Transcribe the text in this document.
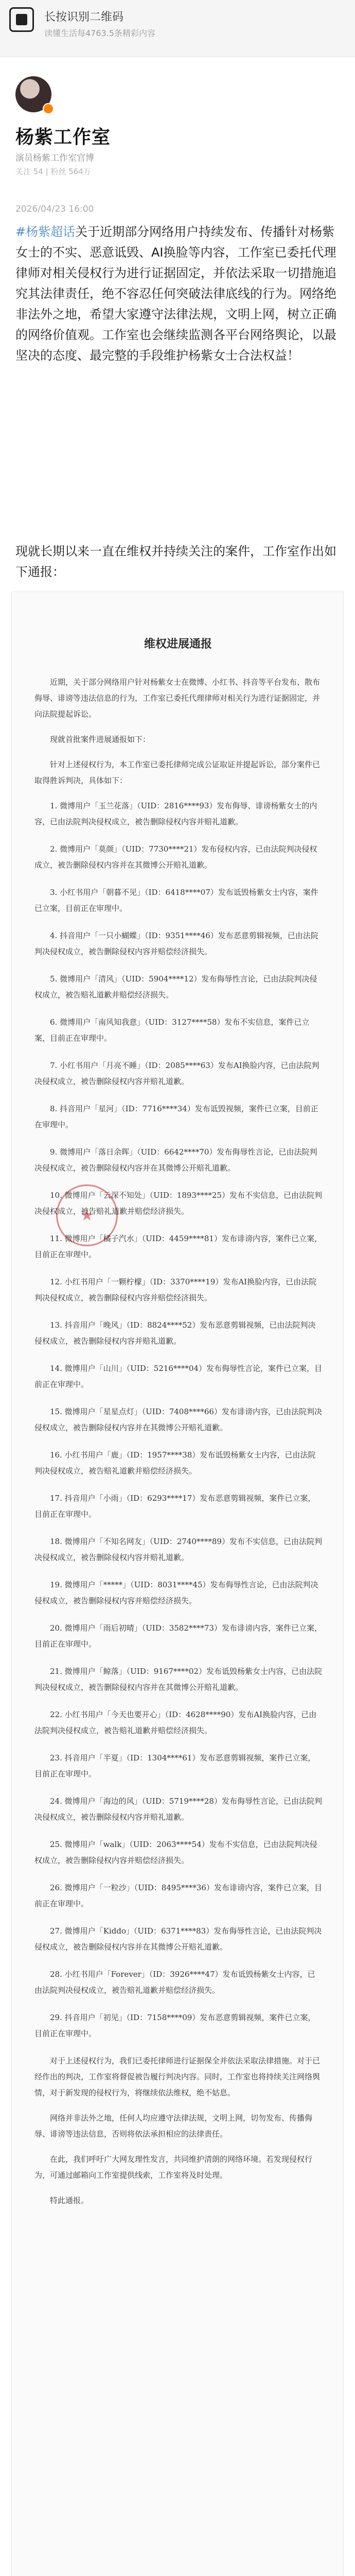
长按识别二维码
读懂生活每4763.5条精彩内容
杨紫工作室
演员杨紫工作室官博
关注 54 | 粉丝 564万
2026/04/23 16:00

#杨紫超话关于近期部分网络用户持续发布、传播针对杨紫女士的不实、恶意诋毁、AI换脸等内容，工作室已委托代理律师对相关侵权行为进行证据固定，并依法采取一切措施追究其法律责任，绝不容忍任何突破法律底线的行为。网络绝非法外之地，希望大家遵守法律法规，文明上网，树立正确的网络价值观。工作室也会继续监测各平台网络舆论，以最坚决的态度、最完整的手段维护杨紫女士合法权益！

现就长期以来一直在维权并持续关注的案件，工作室作出如下通报：

维权进展通报

近期，关于部分网络用户针对杨紫女士在微博、小红书、抖音等平台发布、散布侮辱、诽谤等违法信息的行为，工作室已委托代理律师对相关行为进行证据固定，并向法院提起诉讼。

现就首批案件进展通报如下：

针对上述侵权行为，本工作室已委托律师完成公证取证并提起诉讼，部分案件已取得胜诉判决，具体如下：

1. 微博用户「玉兰花落」（UID：2816****93）发布侮辱、诽谤杨紫女士的内容，已由法院判决侵权成立，被告删除侵权内容并赔礼道歉。
2. 微博用户「莫颜」（UID：7730****21）发布侵权内容，已由法院判决侵权成立，被告删除侵权内容并在其微博公开赔礼道歉。
3. 小红书用户「朝暮不见」（ID：6418****07）发布诋毁杨紫女士内容，案件已立案，目前正在审理中。
4. 抖音用户「一只小蝴蝶」（ID：9351****46）发布恶意剪辑视频，已由法院判决侵权成立，被告删除侵权内容并赔偿经济损失。
5. 微博用户「清风」（UID：5904****12）发布侮辱性言论，已由法院判决侵权成立，被告赔礼道歉并赔偿经济损失。
6. 微博用户「南风知我意」（UID：3127****58）发布不实信息，案件已立案，目前正在审理中。
7. 小红书用户「月亮不睡」（ID：2085****63）发布AI换脸内容，已由法院判决侵权成立，被告删除侵权内容并赔礼道歉。
8. 抖音用户「星河」（ID：7716****34）发布诋毁视频，案件已立案，目前正在审理中。
9. 微博用户「落日余晖」（UID：6642****70）发布侮辱性言论，已由法院判决侵权成立，被告删除侵权内容并在其微博公开赔礼道歉。
10. 微博用户「云深不知处」（UID：1893****25）发布不实信息，已由法院判决侵权成立，被告赔礼道歉并赔偿经济损失。
11. 微博用户「橘子汽水」（UID：4459****81）发布诽谤内容，案件已立案，目前正在审理中。
12. 小红书用户「一颗柠檬」（ID：3370****19）发布AI换脸内容，已由法院判决侵权成立，被告删除侵权内容并赔偿经济损失。
13. 抖音用户「晚风」（ID：8824****52）发布恶意剪辑视频，已由法院判决侵权成立，被告删除侵权内容并赔礼道歉。
14. 微博用户「山川」（UID：5216****04）发布侮辱性言论，案件已立案，目前正在审理中。
15. 微博用户「星星点灯」（UID：7408****66）发布诽谤内容，已由法院判决侵权成立，被告删除侵权内容并在其微博公开赔礼道歉。
16. 小红书用户「鹿」（ID：1957****38）发布诋毁杨紫女士内容，已由法院判决侵权成立，被告赔礼道歉并赔偿经济损失。
17. 抖音用户「小雨」（ID：6293****17）发布恶意剪辑视频，案件已立案，目前正在审理中。
18. 微博用户「不知名网友」（UID：2740****89）发布不实信息，已由法院判决侵权成立，被告删除侵权内容并赔礼道歉。
19. 微博用户「*****」（UID：8031****45）发布侮辱性言论，已由法院判决侵权成立，被告删除侵权内容并赔偿经济损失。
20. 微博用户「雨后初晴」（UID：3582****73）发布诽谤内容，案件已立案，目前正在审理中。
21. 微博用户「鲸落」（UID：9167****02）发布诋毁杨紫女士内容，已由法院判决侵权成立，被告删除侵权内容并在其微博公开赔礼道歉。
22. 小红书用户「今天也要开心」（ID：4628****90）发布AI换脸内容，已由法院判决侵权成立，被告赔礼道歉并赔偿经济损失。
23. 抖音用户「半夏」（ID：1304****61）发布恶意剪辑视频，案件已立案，目前正在审理中。
24. 微博用户「海边的风」（UID：5719****28）发布侮辱性言论，已由法院判决侵权成立，被告删除侵权内容并赔礼道歉。
25. 微博用户「walk」（UID：2063****54）发布不实信息，已由法院判决侵权成立，被告删除侵权内容并赔偿经济损失。
26. 微博用户「一粒沙」（UID：8495****36）发布诽谤内容，案件已立案，目前正在审理中。
27. 微博用户「Kiddo」（UID：6371****83）发布侮辱性言论，已由法院判决侵权成立，被告删除侵权内容并在其微博公开赔礼道歉。
28. 小红书用户「Forever」（ID：3926****47）发布诋毁杨紫女士内容，已由法院判决侵权成立，被告赔礼道歉并赔偿经济损失。
29. 抖音用户「初见」（ID：7158****09）发布恶意剪辑视频，案件已立案，目前正在审理中。

对于上述侵权行为，我们已委托律师进行证据保全并依法采取法律措施。对于已经作出的判决，工作室将督促被告履行判决内容。同时，工作室也将持续关注网络舆情，对于新发现的侵权行为，将继续依法维权，绝不姑息。

网络并非法外之地，任何人均应遵守法律法规，文明上网，切勿发布、传播侮辱、诽谤等违法信息，否则将依法承担相应的法律责任。

在此，我们呼吁广大网友理性发言，共同维护清朗的网络环境。若发现侵权行为，可通过邮箱向工作室提供线索，工作室将及时处理。

特此通报。
